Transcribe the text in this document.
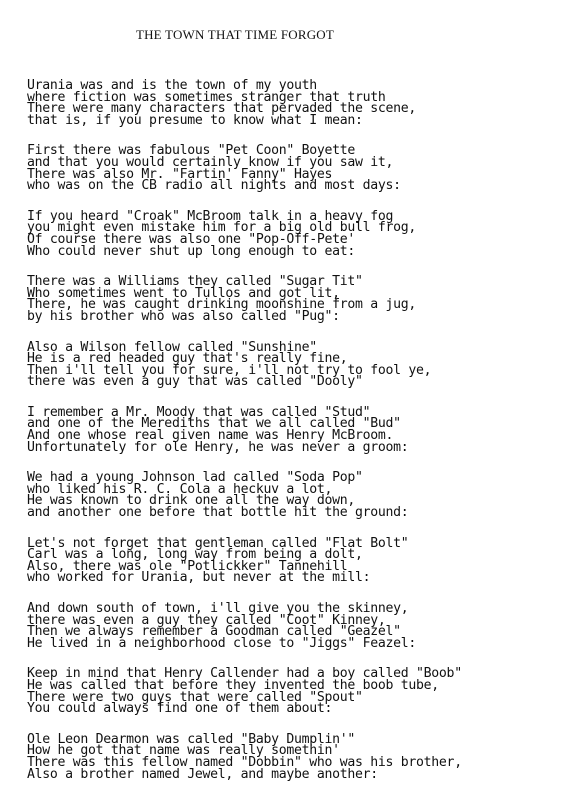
THE TOWN THAT TIME FORGOT
Urania was and is the town of my youth
where fiction was sometimes stranger that truth
There were many characters that pervaded the scene,
that is, if you presume to know what I mean:
First there was fabulous "Pet Coon" Boyette
and that you would certainly know if you saw it,
There was also Mr. "Fartin' Fanny" Hayes
who was on the CB radio all nights and most days:
If you heard "Croak" McBroom talk in a heavy fog
you might even mistake him for a big old bull frog,
Of course there was also one "Pop-Off-Pete'
Who could never shut up long enough to eat:
There was a Williams they called "Sugar Tit"
Who sometimes went to Tullos and got lit,
There, he was caught drinking moonshine from a jug,
by his brother who was also called "Pug":
Also a Wilson fellow called "Sunshine"
He is a red headed guy that's really fine,
Then i'll tell you for sure, i'll not try to fool ye,
there was even a guy that was called "Dooly"
I remember a Mr. Moody that was called "Stud"
and one of the Merediths that we all called "Bud"
And one whose real given name was Henry McBroom.
Unfortunately for ole Henry, he was never a groom:
We had a young Johnson lad called "Soda Pop"
who liked his R. C. Cola a heckuv a lot,
He was known to drink one all the way down,
and another one before that bottle hit the ground:
Let's not forget that gentleman called "Flat Bolt"
Carl was a long, long way from being a dolt,
Also, there was ole "Potlickker" Tannehill
who worked for Urania, but never at the mill:
And down south of town, i'll give you the skinney,
there was even a guy they called "Coot" Kinney,
Then we always remember a Goodman called "Geazel"
He lived in a neighborhood close to "Jiggs" Feazel:
Keep in mind that Henry Callender had a boy called "Boob"
He was called that before they invented the boob tube,
There were two guys that were called "Spout"
You could always find one of them about:
Ole Leon Dearmon was called "Baby Dumplin'"
How he got that name was really somethin'
There was this fellow named "Dobbin" who was his brother,
Also a brother named Jewel, and maybe another:
